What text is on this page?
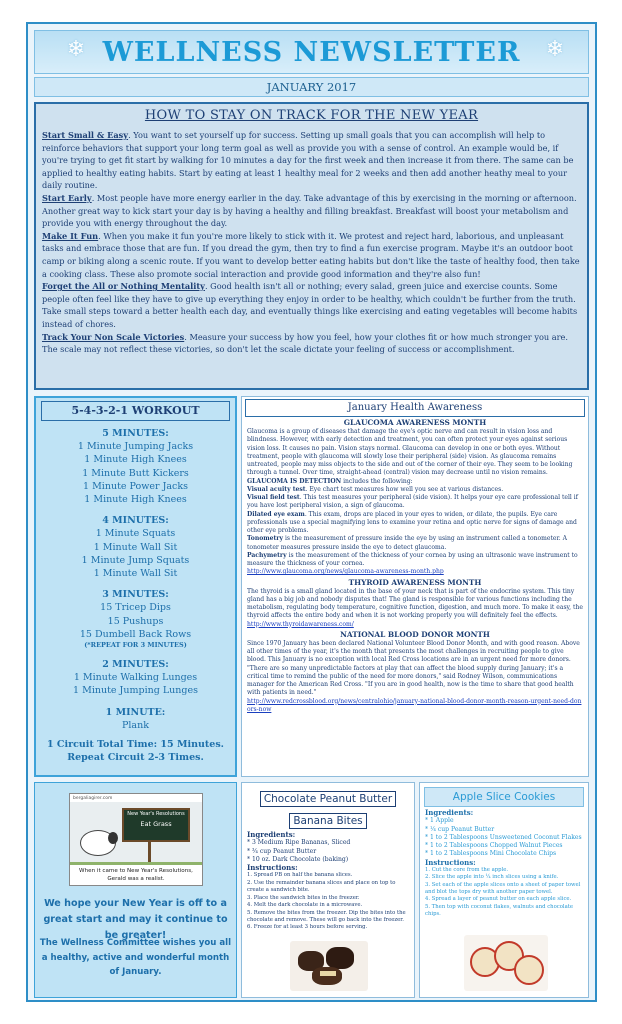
❄ WELLNESS NEWSLETTER	❄
JANUARY 2017
HOW TO STAY ON TRACK FOR THE NEW YEAR

Start Small & Easy. You want to set yourself up for success. Setting up small goals that you can accomplish will help to reinforce behaviors that support your long term goal as well as provide you with a sense of control. An example would be, if you're trying to get fit start by walking for 10 minutes a day for the first week and then increase it from there. The same can be applied to healthy eating habits. Start by eating at least 1 healthy meal for 2 weeks and then add another heathy meal to your daily routine.

Start Early. Most people have more energy earlier in the day. Take advantage of this by exercising in the morning or afternoon. Another great way to kick start your day is by having a healthy and filling breakfast. Breakfast will boost your metabolism and provide you with energy throughout the day.

Make It Fun. When you make it fun you're more likely to stick with it. We protest and reject hard, laborious, and unpleasant tasks and embrace those that are fun. If you dread the gym, then try to find a fun exercise program. Maybe it's an outdoor boot camp or biking along a scenic route. If you want to develop better eating habits but don't like the taste of healthy food, then take a cooking class. These also promote social interaction and provide good information and they're also fun!

Forget the All or Nothing Mentality. Good health isn't all or nothing; every salad, green juice and exercise counts. Some people often feel like they have to give up everything they enjoy in order to be healthy, which couldn't be further from the truth. Take small steps toward a better health each day, and eventually things like exercising and eating vegetables will become habits instead of chores.

Track Your Non Scale Victories. Measure your success by how you feel, how your clothes fit or how much stronger you are. The scale may not reflect these victories, so don't let the scale dictate your feeling of success or accomplishment.

5-4-3-2-1 WORKOUT
5 MINUTES:
1 Minute Jumping Jacks
1 Minute High Knees
1 Minute Butt Kickers
1 Minute Power Jacks
1 Minute High Knees
4 MINUTES:
1 Minute Squats
1 Minute Wall Sit
1 Minute Jump Squats
1 Minute Wall Sit
3 MINUTES:
15 Tricep Dips
15 Pushups
15 Dumbell Back Rows
(*REPEAT FOR 3 MINUTES)
2 MINUTES:
1 Minute Walking Lunges
1 Minute Jumping Lunges
1 MINUTE:
Plank
1 Circuit Total Time: 15 Minutes.
Repeat Circuit 2-3 Times.
January Health Awareness
GLAUCOMA AWARENESS MONTH

Glaucoma is a group of diseases that damage the eye's optic nerve and can result in vision loss and blindness. However, with early detection and treatment, you can often protect your eyes against serious vision loss. It causes no pain. Vision stays normal. Glaucoma can develop in one or both eyes. Without treatment, people with glaucoma will slowly lose their peripheral (side) vision. As glaucoma remains untreated, people may miss objects to the side and out of the corner of their eye. They seem to be looking through a tunnel. Over time, straight-ahead (central) vision may decrease until no vision remains.

GLAUCOMA IS DETECTION includes the following:

Visual acuity test. Eye chart test measures how well you see at various distances.

Visual field test. This test measures your peripheral (side vision). It helps your eye care professional tell if you have lost peripheral vision, a sign of glaucoma.

Dilated eye exam. This exam, drops are placed in your eyes to widen, or dilate, the pupils. Eye care professionals use a special magnifying lens to examine your retina and optic nerve for signs of damage and other eye problems.

Tonometry is the measurement of pressure inside the eye by using an instrument called a tonometer. A tonometer measures pressure inside the eye to detect glaucoma.

Pachymetry is the measurement of the thickness of your cornea by using an ultrasonic wave instrument to measure the thickness of your cornea.

http://www.glaucoma.org/news/glaucoma-awareness-month.php

THYROID AWARENESS MONTH

The thyroid is a small gland located in the base of your neck that is part of the endocrine system. This tiny gland has a big job and nobody disputes that! The gland is responsible for various functions including the metabolism, regulating body temperature, cognitive function, digestion, and much more. To make it easy, the thyroid affects the entire body and when it is not working properly you will definitely feel the effects.

http://www.thyroidawareness.com/

NATIONAL BLOOD DONOR MONTH

Since 1970 January has been declared National Volunteer Blood Donor Month, and with good reason. Above all other times of the year, it's the month that presents the most challenges in recruiting people to give blood. This January is no exception with local Red Cross locations are in an urgent need for more donors. "There are so many unpredictable factors at play that can affect the blood supply during January; it's a critical time to remind the public of the need for more donors," said Rodney Wilson, communications manager for the American Red Cross. "If you are in good health, now is the time to share that good health with patients in need."

http://www.redcrossblood.org/news/centralohio/january-national-blood-donor-month-reason-urgent-need-donors-now

bergaliagirer.com
New Year's Resolutions
Eat Grass
When it came to New Year's Resolutions,
Gerald was a realist.
We hope your New Year is off to a great start and may it continue to be greater!
The Wellness Committee wishes you all a healthy, active and wonderful month of January.
Chocolate Peanut Butter
Banana Bites
Ingredients:
* 3 Medium Ripe Bananas, Sliced
* ¾ cup Peanut Butter
* 10 oz. Dark Chocolate (baking)
Instructions:
1. Spread PB on half the banana slices.
2. Use the remainder banana slices and place on top to create a sandwich bite.
3. Place the sandwich bites in the freezer.
4. Melt the dark chocolate in a microwave.
5. Remove the bites from the freezer. Dip the bites into the chocolate and remove. These will go back into the freezer.
6. Freeze for at least 3 hours before serving.
Apple Slice Cookies
Ingredients:
* 1 Apple
* ¼ cup Peanut Butter
* 1 to 2 Tablespoons Unsweetened Coconut Flakes
* 1 to 2 Tablespoons Chopped Walnut Pieces
* 1 to 2 Tablespoons Mini Chocolate Chips
Instructions:
1. Cut the core from the apple.
2. Slice the apple into ¼ inch slices using a knife.
3. Set each of the apple slices onto a sheet of paper towel and blot the tops dry with another paper towel.
4. Spread a layer of peanut butter on each apple slice.
5. Then top with coconut flakes, walnuts and chocolate chips.
